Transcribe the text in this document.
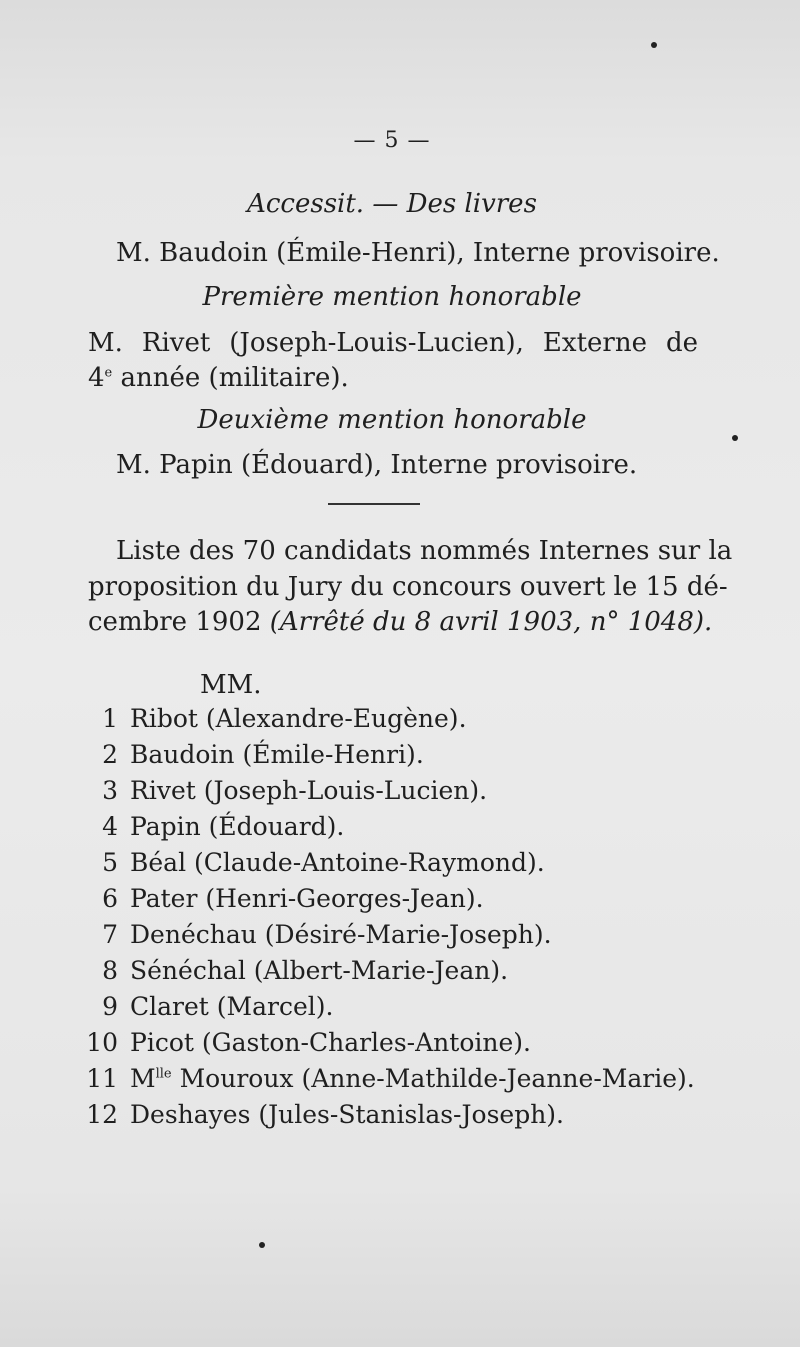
— 5 —
Accessit. — Des livres
M. Baudoin (Émile-Henri), Interne provisoire.
Première mention honorable
M. Rivet (Joseph-Louis-Lucien), Externe de
4e année (militaire).
Deuxième mention honorable
M. Papin (Édouard), Interne provisoire.
Liste des 70 candidats nommés Internes sur la
proposition du Jury du concours ouvert le 15 dé-
cembre 1902 (Arrêté du 8 avril 1903, n° 1048).
MM.
1 Ribot (Alexandre-Eugène).
2 Baudoin (Émile-Henri).
3 Rivet (Joseph-Louis-Lucien).
4 Papin (Édouard).
5 Béal (Claude-Antoine-Raymond).
6 Pater (Henri-Georges-Jean).
7 Denéchau (Désiré-Marie-Joseph).
8 Sénéchal (Albert-Marie-Jean).
9 Claret (Marcel).
10 Picot (Gaston-Charles-Antoine).
11 $M^{lle}$ Mouroux (Anne-Mathilde-Jeanne-Marie).
12 Deshayes (Jules-Stanislas-Joseph).
